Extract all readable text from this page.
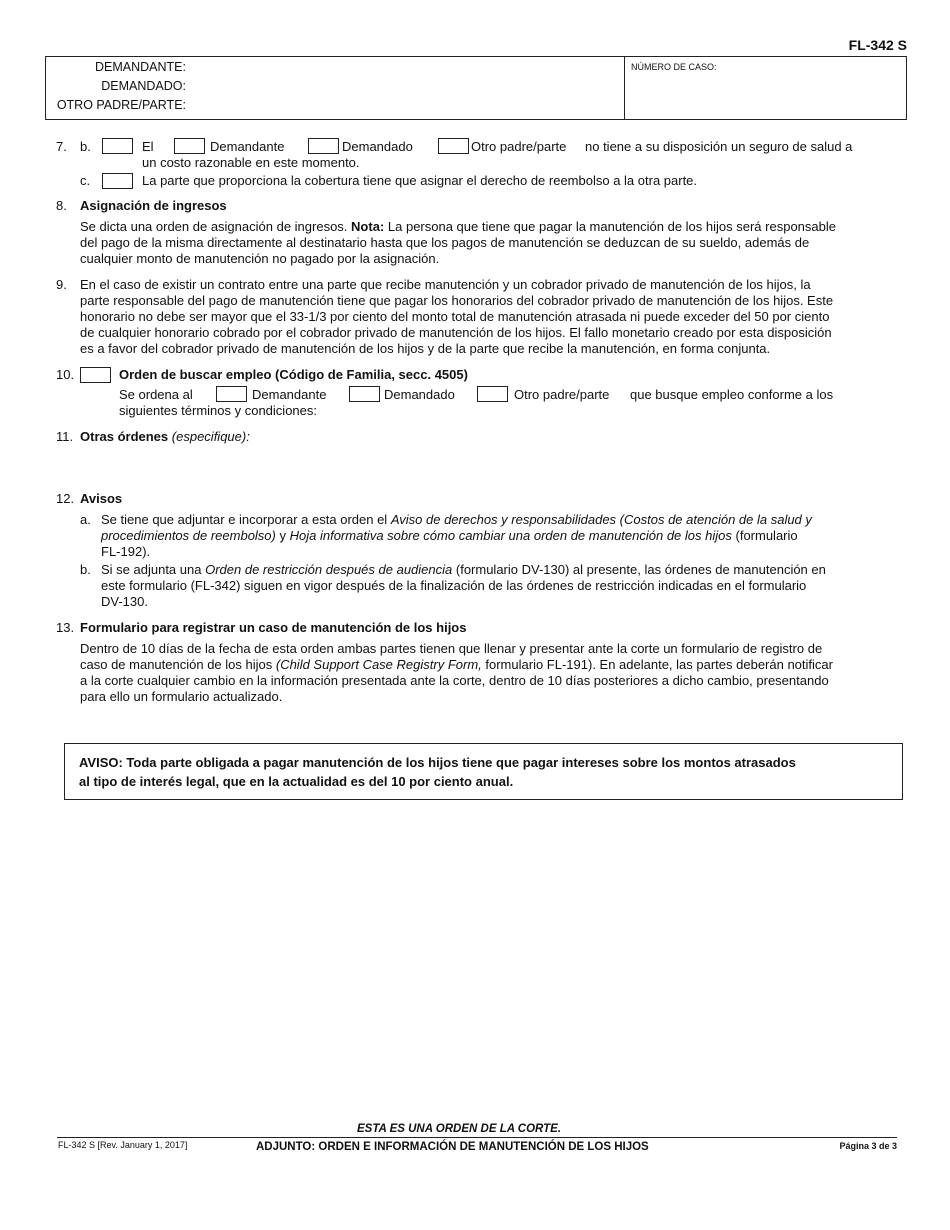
FL-342 S
DEMANDANTE:
DEMANDADO:
OTRO PADRE/PARTE:
NÚMERO DE CASO:
7. b.	El	Demandante	Demandado	Otro padre/parte no tiene a su disposición un seguro de salud a
un costo razonable en este momento.
c.	La parte que proporciona la cobertura tiene que asignar el derecho de reembolso a la otra parte.
8. Asignación de ingresos
Se dicta una orden de asignación de ingresos. Nota: La persona que tiene que pagar la manutención de los hijos será responsable
del pago de la misma directamente al destinatario hasta que los pagos de manutención se deduzcan de su sueldo, además de
cualquier monto de manutención no pagado por la asignación.
9. En el caso de existir un contrato entre una parte que recibe manutención y un cobrador privado de manutención de los hijos, la
parte responsable del pago de manutención tiene que pagar los honorarios del cobrador privado de manutención de los hijos. Este
honorario no debe ser mayor que el 33-1/3 por ciento del monto total de manutención atrasada ni puede exceder del 50 por ciento
de cualquier honorario cobrado por el cobrador privado de manutención de los hijos. El fallo monetario creado por esta disposición
es a favor del cobrador privado de manutención de los hijos y de la parte que recibe la manutención, en forma conjunta.
10.	Orden de buscar empleo (Código de Familia, secc. 4505)
Se ordena al	Demandante	Demandado	Otro padre/parte que busque empleo conforme a los
siguientes términos y condiciones:
11. Otras órdenes (especifique):
12. Avisos
a. Se tiene que adjuntar e incorporar a esta orden el Aviso de derechos y responsabilidades (Costos de atención de la salud y
procedimientos de reembolso) y Hoja informativa sobre cómo cambiar una orden de manutención de los hijos (formulario
FL-192).
b. Si se adjunta una Orden de restricción después de audiencia (formulario DV-130) al presente, las órdenes de manutención en
este formulario (FL-342) siguen en vigor después de la finalización de las órdenes de restricción indicadas en el formulario
DV-130.
13. Formulario para registrar un caso de manutención de los hijos
Dentro de 10 días de la fecha de esta orden ambas partes tienen que llenar y presentar ante la corte un formulario de registro de
caso de manutención de los hijos (Child Support Case Registry Form, formulario FL-191). En adelante, las partes deberán notificar
a la corte cualquier cambio en la información presentada ante la corte, dentro de 10 días posteriores a dicho cambio, presentando
para ello un formulario actualizado.
AVISO: Toda parte obligada a pagar manutención de los hijos tiene que pagar intereses sobre los montos atrasados
al tipo de interés legal, que en la actualidad es del 10 por ciento anual.
ESTA ES UNA ORDEN DE LA CORTE.
FL-342 S [Rev. January 1, 2017]	ADJUNTO: ORDEN E INFORMACIÓN DE MANUTENCIÓN DE LOS HIJOS	Página 3 de 3
